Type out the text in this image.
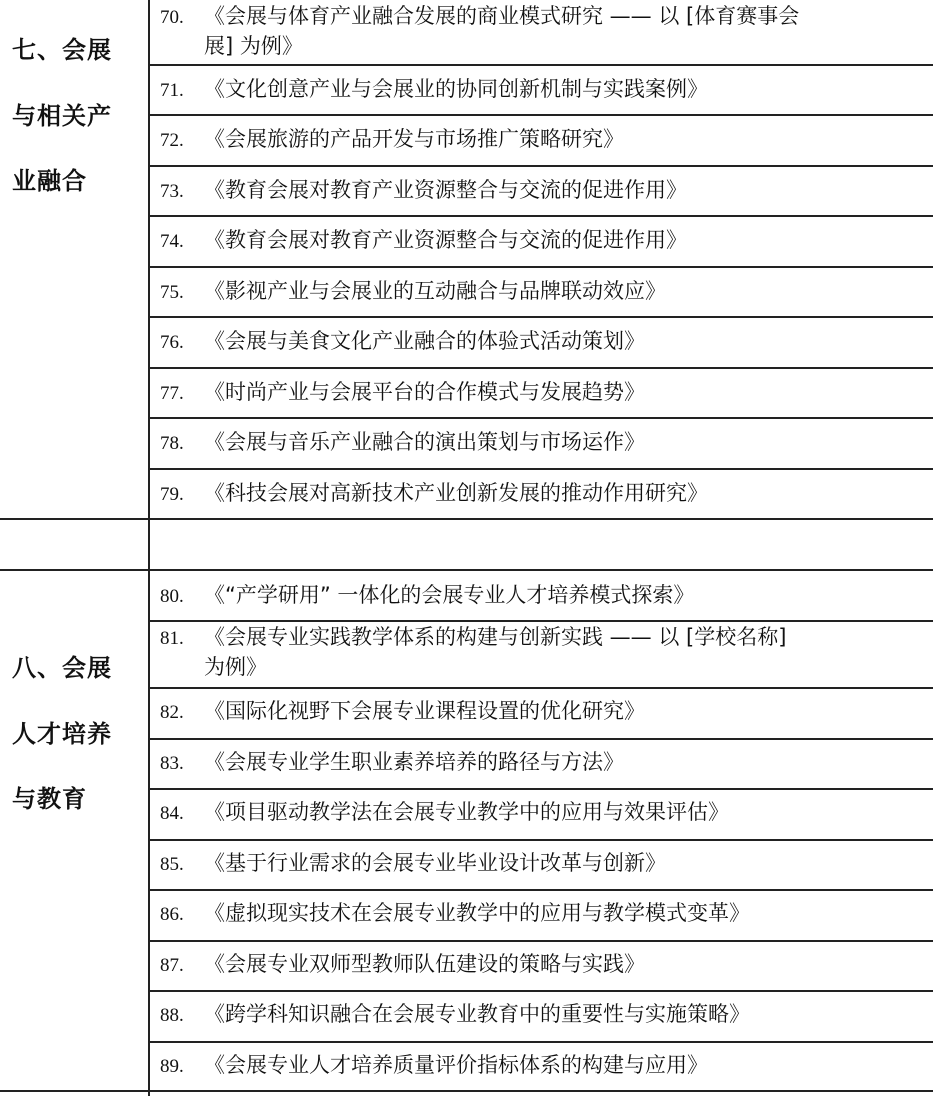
七、会展
与相关产
业融合
70. 《会展与体育产业融合发展的商业模式研究 —— 以 [体育赛事会
展] 为例》
71. 《文化创意产业与会展业的协同创新机制与实践案例》
72. 《会展旅游的产品开发与市场推广策略研究》
73. 《教育会展对教育产业资源整合与交流的促进作用》
74. 《教育会展对教育产业资源整合与交流的促进作用》
75. 《影视产业与会展业的互动融合与品牌联动效应》
76. 《会展与美食文化产业融合的体验式活动策划》
77. 《时尚产业与会展平台的合作模式与发展趋势》
78. 《会展与音乐产业融合的演出策划与市场运作》
79. 《科技会展对高新技术产业创新发展的推动作用研究》
八、会展
人才培养
与教育
80. 《“产学研用” 一体化的会展专业人才培养模式探索》
81. 《会展专业实践教学体系的构建与创新实践 —— 以 [学校名称]
为例》
82. 《国际化视野下会展专业课程设置的优化研究》
83. 《会展专业学生职业素养培养的路径与方法》
84. 《项目驱动教学法在会展专业教学中的应用与效果评估》
85. 《基于行业需求的会展专业毕业设计改革与创新》
86. 《虚拟现实技术在会展专业教学中的应用与教学模式变革》
87. 《会展专业双师型教师队伍建设的策略与实践》
88. 《跨学科知识融合在会展专业教育中的重要性与实施策略》
89. 《会展专业人才培养质量评价指标体系的构建与应用》
